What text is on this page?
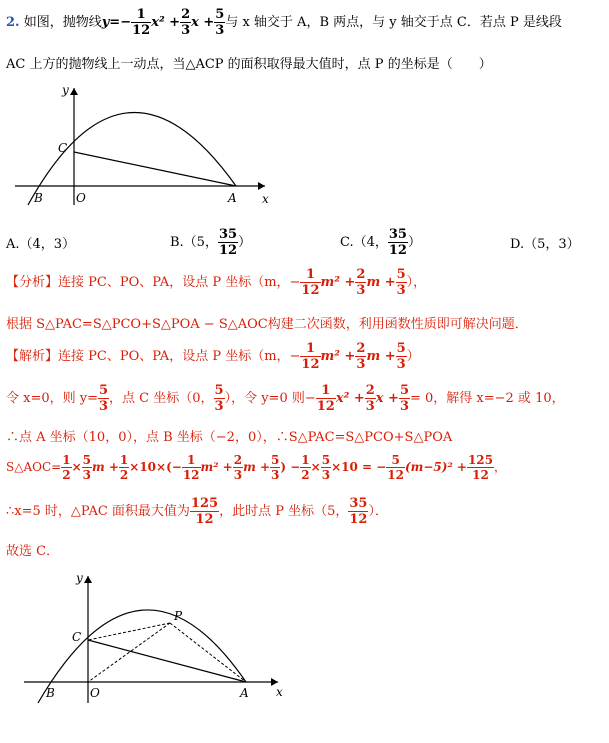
2. 如图，抛物线$y=- \frac{1}{12} x^2 + \frac{2}{3}$ $x + \frac{5}{3}$ 与 x 轴交于 A，B 两点，与 y 轴交于点 C．若点 P 是线段
AC 上方的抛物线上一动点，当△ACP 的面积取得最大值时，点 P 的坐标是（　　）
y
x
C
O
B	A
A.（4，3）	B.（5， $\frac{35}{12}$ ）	C.（4， $\frac{35}{12}$ ）	D.（5，3）
【分析】连接 PC、PO、PA，设点 P 坐标（m，− $\frac{1}{12} m^2 + \frac{2}{3}$ $m + \frac{5}{3}$ ），
根据 S△PAC=S△PCO+S△POA − S△AOC构建二次函数，利用函数性质即可解决问题．
【解析】连接 PC、PO、PA，设点 P 坐标（m，− $\frac{1}{12} m^2 + \frac{2}{3}$ $m + \frac{5}{3}$ ）
令 x=0，则 $y= \frac{5}{3}$ ，点 C 坐标（0， $\frac{5}{3}$ ），令 y=0 则− $\frac{1}{12} x^2 + \frac{2}{3}$ $x + \frac{5}{3} = 0$，解得 x=−2 或 10，
∴点 A 坐标（10，0），点 B 坐标（−2，0），∴S△PAC=S△PCO+S△POA
S△AOC= $\frac{1}{2} \times \frac{5}{3}$ $m + \frac{1}{2} \times 10\times(- \frac{1}{12} m^2 + \frac{2}{3}$ $m + \frac{5}{3}$ ) − $\frac{1}{2} \times \frac{5}{3} \times 10$ = − $\frac{5}{12} (m-5)^2 + \frac{125}{12}$ ，
∴x=5 时，△PAC 面积最大值为 $\frac{125}{12}$ ，此时点 P 坐标（5， $\frac{35}{12}$ ）．
故选 C．
y
x
C
O
B	A
P
